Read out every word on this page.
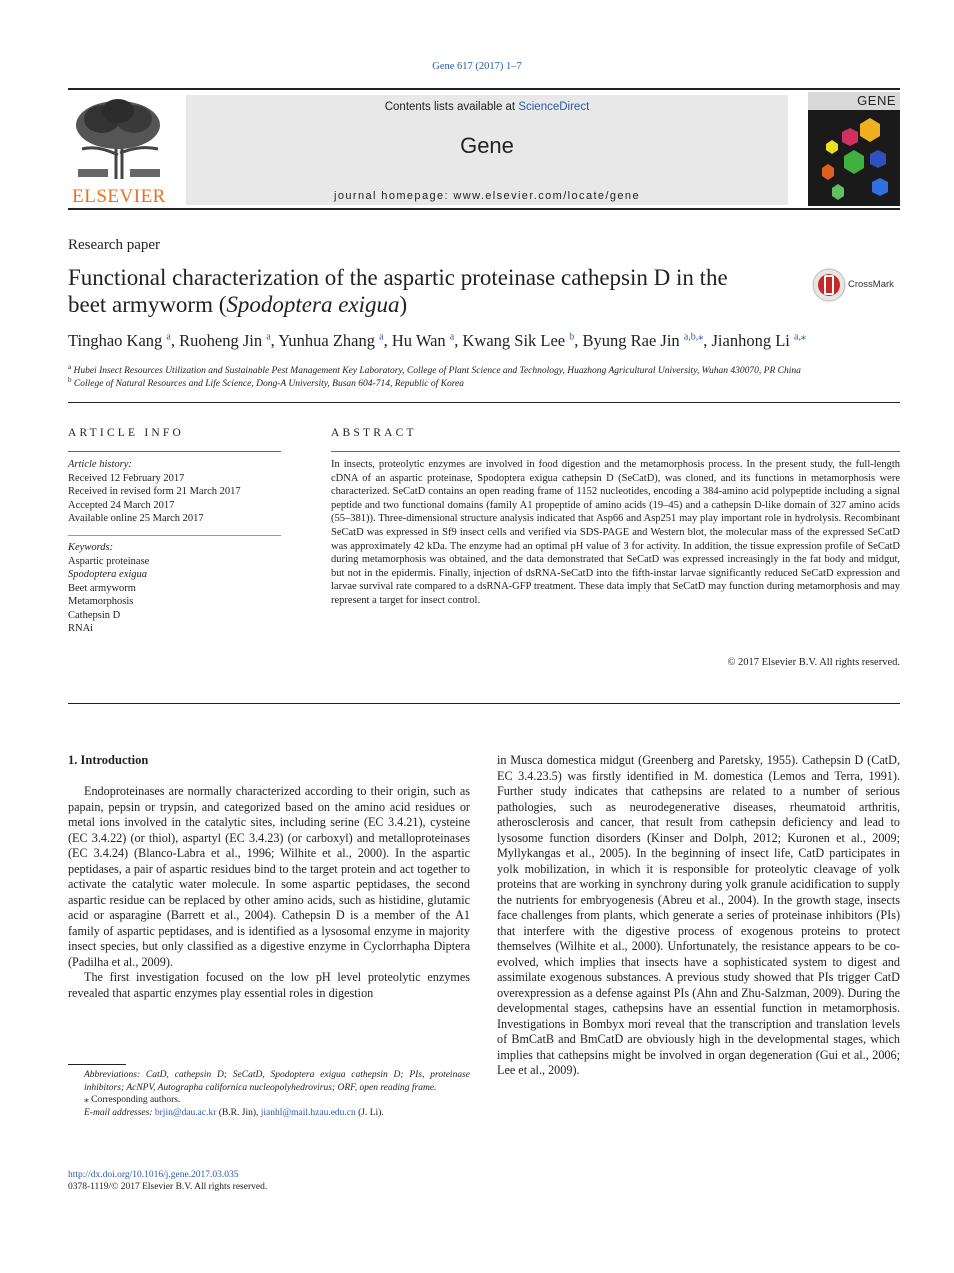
Gene 617 (2017) 1–7
ELSEVIER
Contents lists available at ScienceDirect
Gene
journal homepage: www.elsevier.com/locate/gene
GENE
Research paper
Functional characterization of the aspartic proteinase cathepsin D in the
beet armyworm (Spodoptera exigua)
CrossMark
Tinghao Kang $^a$, Ruoheng Jin $^a$, Yunhua Zhang $^a$, Hu Wan $^a$, Kwang Sik Lee $^b$, Byung Rae Jin $^{a,b,⁎}$, Jianhong Li $^{a,⁎}$
$^a$ Hubei Insect Resources Utilization and Sustainable Pest Management Key Laboratory, College of Plant Science and Technology, Huazhong Agricultural University, Wuhan 430070, PR China
$^b$ College of Natural Resources and Life Science, Dong-A University, Busan 604-714, Republic of Korea
ARTICLE INFO
Article history:
Received 12 February 2017
Received in revised form 21 March 2017
Accepted 24 March 2017
Available online 25 March 2017
Keywords:
Aspartic proteinase
Spodoptera exigua
Beet armyworm
Metamorphosis
Cathepsin D
RNAi
ABSTRACT
In insects, proteolytic enzymes are involved in food digestion and the metamorphosis process. In the present study, the full-length cDNA of an aspartic proteinase, Spodoptera exigua cathepsin D (SeCatD), was cloned, and its functions in metamorphosis were characterized. SeCatD contains an open reading frame of 1152 nucleotides, encoding a 384-amino acid polypeptide including a signal peptide and two functional domains (family A1 propeptide of amino acids (19–45) and a cathepsin D-like domain of 327 amino acids (55–381)). Three-dimensional structure analysis indicated that Asp66 and Asp251 may play important role in hydrolysis. Recombinant SeCatD was expressed in Sf9 insect cells and verified via SDS-PAGE and Western blot, the molecular mass of the expressed SeCatD was approximately 42 kDa. The enzyme had an optimal pH value of 3 for activity. In addition, the tissue expression profile of SeCatD during metamorphosis was obtained, and the data demonstrated that SeCatD was expressed increasingly in the fat body and midgut, but not in the epidermis. Finally, injection of dsRNA-SeCatD into the fifth-instar larvae significantly reduced SeCatD expression and larvae survival rate compared to a dsRNA-GFP treatment. These data imply that SeCatD may function during metamorphosis and may represent a target for insect control.
© 2017 Elsevier B.V. All rights reserved.
1. Introduction

Endoproteinases are normally characterized according to their origin, such as papain, pepsin or trypsin, and categorized based on the amino acid residues or metal ions involved in the catalytic sites, including serine (EC 3.4.21), cysteine (EC 3.4.22) (or thiol), aspartyl (EC 3.4.23) (or carboxyl) and metalloproteinases (EC 3.4.24) (Blanco-Labra et al., 1996; Wilhite et al., 2000). In the aspartic peptidases, a pair of aspartic residues bind to the target protein and act together to activate the catalytic water molecule. In some aspartic peptidases, the second aspartic residue can be replaced by other amino acids, such as histidine, glutamic acid or asparagine (Barrett et al., 2004). Cathepsin D is a member of the A1 family of aspartic peptidases, and is identified as a lysosomal enzyme in majority insect species, but only classified as a digestive enzyme in Cyclorrhapha Diptera (Padilha et al., 2009).

The first investigation focused on the low pH level proteolytic enzymes revealed that aspartic enzymes play essential roles in digestion

in Musca domestica midgut (Greenberg and Paretsky, 1955). Cathepsin D (CatD, EC 3.4.23.5) was firstly identified in M. domestica (Lemos and Terra, 1991). Further study indicates that cathepsins are related to a number of serious pathologies, such as neurodegenerative diseases, rheumatoid arthritis, atherosclerosis and cancer, that result from cathepsin deficiency and lead to lysosome function disorders (Kinser and Dolph, 2012; Kuronen et al., 2009; Myllykangas et al., 2005). In the beginning of insect life, CatD participates in yolk mobilization, in which it is responsible for proteolytic cleavage of yolk proteins that are working in synchrony during yolk granule acidification to supply the nutrients for embryogenesis (Abreu et al., 2004). In the growth stage, insects face challenges from plants, which generate a series of proteinase inhibitors (PIs) that interfere with the digestive process of exogenous proteins to protect themselves (Wilhite et al., 2000). Unfortunately, the resistance appears to be co-evolved, which implies that insects have a sophisticated system to digest and assimilate exogenous substances. A previous study showed that PIs trigger CatD overexpression as a defense against PIs (Ahn and Zhu-Salzman, 2009). During the developmental stages, cathepsins have an essential function in metamorphosis. Investigations in Bombyx mori reveal that the transcription and translation levels of BmCatB and BmCatD are obviously high in the developmental stages, which implies that cathepsins might be involved in organ degeneration (Gui et al., 2006; Lee et al., 2009).

Abbreviations: CatD, cathepsin D; SeCatD, Spodoptera exigua cathepsin D; PIs, proteinase inhibitors; AcNPV, Autographa californica nucleopolyhedrovirus; ORF, open reading frame.
⁎ Corresponding authors.
E-mail addresses: brjin@dau.ac.kr (B.R. Jin), jianhl@mail.hzau.edu.cn (J. Li).
http://dx.doi.org/10.1016/j.gene.2017.03.035
0378-1119/© 2017 Elsevier B.V. All rights reserved.
